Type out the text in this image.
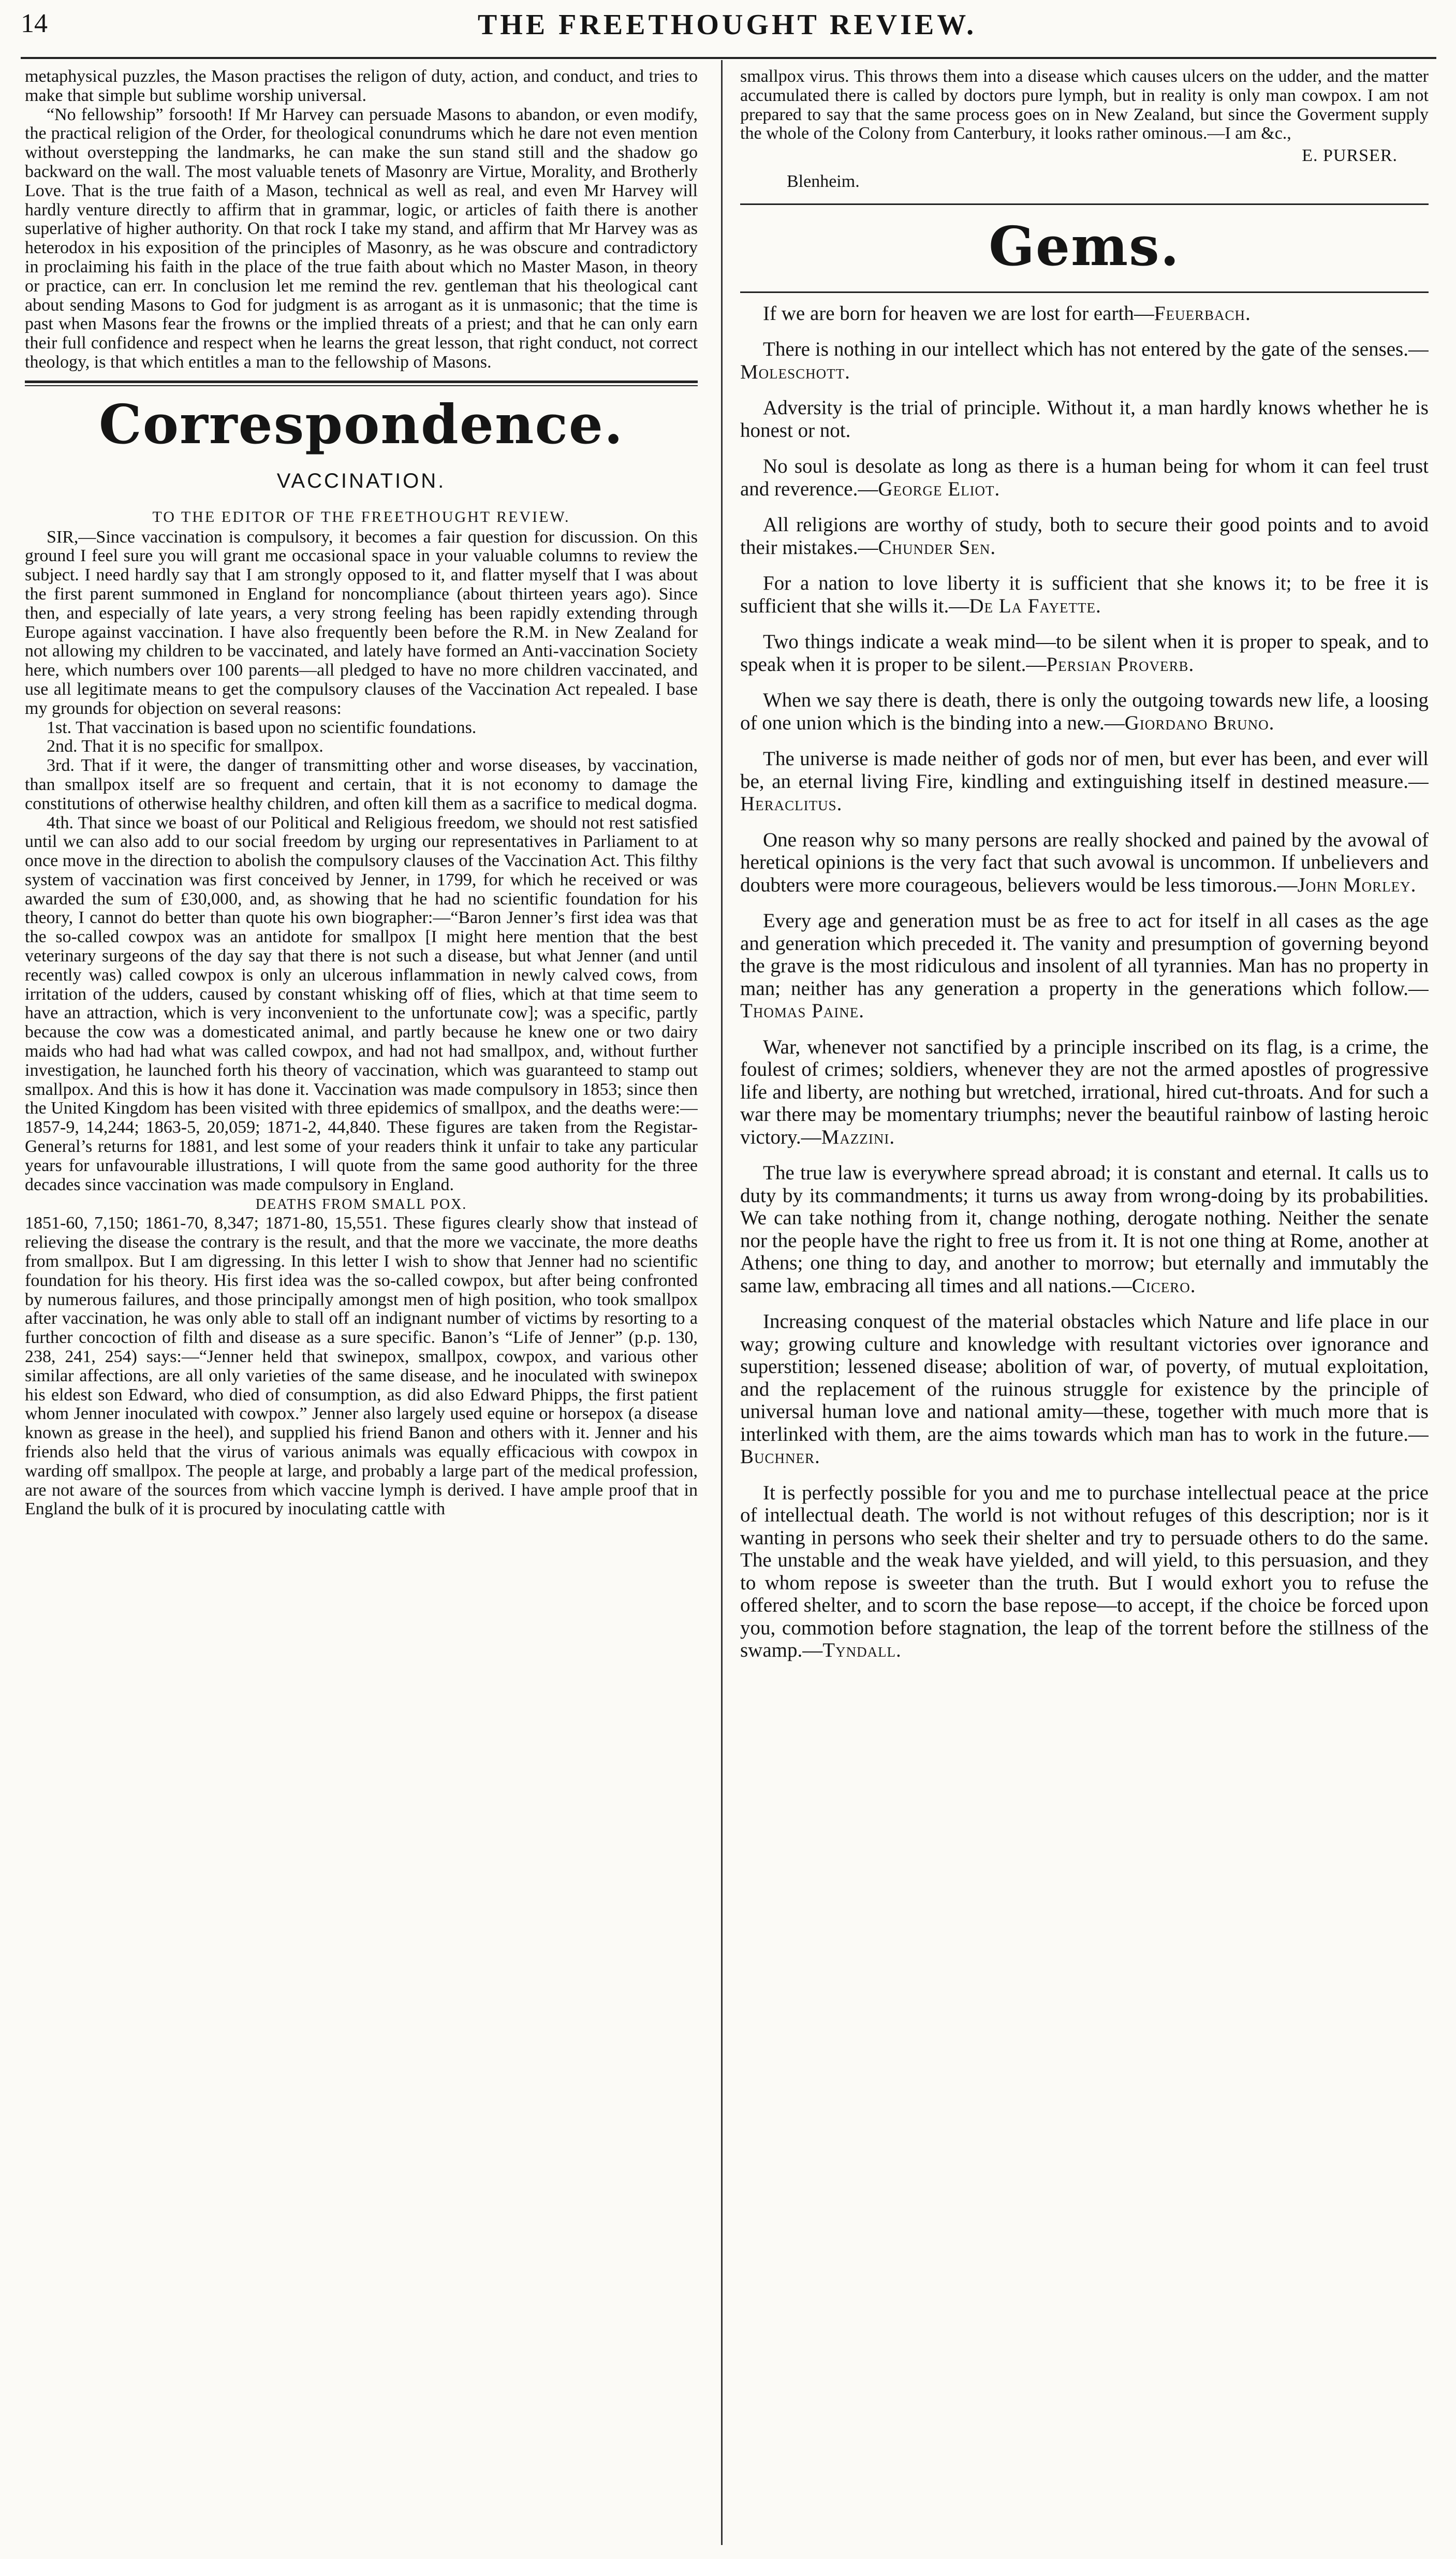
14	THE FREETHOUGHT REVIEW.

metaphysical puzzles, the Mason practises the religon of duty, action, and conduct, and tries to make that simple but sublime worship universal.

“No fellowship” forsooth! If Mr Harvey can persuade Masons to abandon, or even modify, the practical religion of the Order, for theological conundrums which he dare not even mention without overstepping the landmarks, he can make the sun stand still and the shadow go backward on the wall. The most valuable tenets of Masonry are Virtue, Morality, and Brotherly Love. That is the true faith of a Mason, technical as well as real, and even Mr Harvey will hardly venture directly to affirm that in grammar, logic, or articles of faith there is another superlative of higher authority. On that rock I take my stand, and affirm that Mr Harvey was as heterodox in his exposition of the principles of Masonry, as he was obscure and contradictory in proclaiming his faith in the place of the true faith about which no Master Mason, in theory or practice, can err. In conclusion let me remind the rev. gentleman that his theological cant about sending Masons to God for judgment is as arrogant as it is unmasonic; that the time is past when Masons fear the frowns or the implied threats of a priest; and that he can only earn their full confidence and respect when he learns the great lesson, that right conduct, not correct theology, is that which entitles a man to the fellowship of Masons.

Correspondence.
VACCINATION.
TO THE EDITOR OF THE FREETHOUGHT REVIEW.

SIR,—Since vaccination is compulsory, it becomes a fair question for discussion. On this ground I feel sure you will grant me occasional space in your valuable columns to review the subject. I need hardly say that I am strongly opposed to it, and flatter myself that I was about the first parent summoned in England for noncompliance (about thirteen years ago). Since then, and especially of late years, a very strong feeling has been rapidly extending through Europe against vaccination. I have also frequently been before the R.M. in New Zealand for not allowing my children to be vaccinated, and lately have formed an Anti-vaccination Society here, which numbers over 100 parents—all pledged to have no more children vaccinated, and use all legitimate means to get the compulsory clauses of the Vaccination Act repealed. I base my grounds for objection on several reasons:

1st. That vaccination is based upon no scientific foundations.

2nd. That it is no specific for smallpox.

3rd. That if it were, the danger of transmitting other and worse diseases, by vaccination, than smallpox itself are so frequent and certain, that it is not economy to damage the constitutions of otherwise healthy children, and often kill them as a sacrifice to medical dogma.

4th. That since we boast of our Political and Religious freedom, we should not rest satisfied until we can also add to our social freedom by urging our representatives in Parliament to at once move in the direction to abolish the compulsory clauses of the Vaccination Act. This filthy system of vaccination was first conceived by Jenner, in 1799, for which he received or was awarded the sum of £30,000, and, as showing that he had no scientific foundation for his theory, I cannot do better than quote his own biographer:—“Baron Jenner’s first idea was that the so-called cowpox was an antidote for smallpox [I might here mention that the best veterinary surgeons of the day say that there is not such a disease, but what Jenner (and until recently was) called cowpox is only an ulcerous inflammation in newly calved cows, from irritation of the udders, caused by constant whisking off of flies, which at that time seem to have an attraction, which is very inconvenient to the unfortunate cow]; was a specific, partly because the cow was a domesticated animal, and partly because he knew one or two dairy maids who had had what was called cowpox, and had not had smallpox, and, without further investigation, he launched forth his theory of vaccination, which was guaranteed to stamp out smallpox. And this is how it has done it. Vaccination was made compulsory in 1853; since then the United Kingdom has been visited with three epidemics of smallpox, and the deaths were:—1857-9, 14,244; 1863-5, 20,059; 1871-2, 44,840. These figures are taken from the Registar-General’s returns for 1881, and lest some of your readers think it unfair to take any particular years for unfavourable illustrations, I will quote from the same good authority for the three decades since vaccination was made compulsory in England.

DEATHS FROM SMALL POX.

1851-60, 7,150; 1861-70, 8,347; 1871-80, 15,551. These figures clearly show that instead of relieving the disease the contrary is the result, and that the more we vaccinate, the more deaths from smallpox. But I am digressing. In this letter I wish to show that Jenner had no scientific foundation for his theory. His first idea was the so-called cowpox, but after being confronted by numerous failures, and those principally amongst men of high position, who took smallpox after vaccination, he was only able to stall off an indignant number of victims by resorting to a further concoction of filth and disease as a sure specific. Banon’s “Life of Jenner” (p.p. 130, 238, 241, 254) says:—“Jenner held that swinepox, smallpox, cowpox, and various other similar affections, are all only varieties of the same disease, and he inoculated with swinepox his eldest son Edward, who died of consumption, as did also Edward Phipps, the first patient whom Jenner inoculated with cowpox.” Jenner also largely used equine or horsepox (a disease known as grease in the heel), and supplied his friend Banon and others with it. Jenner and his friends also held that the virus of various animals was equally efficacious with cowpox in warding off smallpox. The people at large, and probably a large part of the medical profession, are not aware of the sources from which vaccine lymph is derived. I have ample proof that in England the bulk of it is procured by inoculating cattle with

smallpox virus. This throws them into a disease which causes ulcers on the udder, and the matter accumulated there is called by doctors pure lymph, but in reality is only man cowpox. I am not prepared to say that the same process goes on in New Zealand, but since the Goverment supply the whole of the Colony from Canterbury, it looks rather ominous.—I am &c.,

E. PURSER.

Blenheim.

Gems.

If we are born for heaven we are lost for earth—Feuerbach.

There is nothing in our intellect which has not entered by the gate of the senses.—Moleschott.

Adversity is the trial of principle. Without it, a man hardly knows whether he is honest or not.

No soul is desolate as long as there is a human being for whom it can feel trust and reverence.—George Eliot.

All religions are worthy of study, both to secure their good points and to avoid their mistakes.—Chunder Sen.

For a nation to love liberty it is sufficient that she knows it; to be free it is sufficient that she wills it.—De La Fayette.

Two things indicate a weak mind—to be silent when it is proper to speak, and to speak when it is proper to be silent.—Persian Proverb.

When we say there is death, there is only the outgoing towards new life, a loosing of one union which is the binding into a new.—Giordano Bruno.

The universe is made neither of gods nor of men, but ever has been, and ever will be, an eternal living Fire, kindling and extinguishing itself in destined measure.—Heraclitus.

One reason why so many persons are really shocked and pained by the avowal of heretical opinions is the very fact that such avowal is uncommon. If unbelievers and doubters were more courageous, believers would be less timorous.—John Morley.

Every age and generation must be as free to act for itself in all cases as the age and generation which preceded it. The vanity and presumption of governing beyond the grave is the most ridiculous and insolent of all tyrannies. Man has no property in man; neither has any generation a property in the generations which follow.—Thomas Paine.

War, whenever not sanctified by a principle inscribed on its flag, is a crime, the foulest of crimes; soldiers, whenever they are not the armed apostles of progressive life and liberty, are nothing but wretched, irrational, hired cut-throats. And for such a war there may be momentary triumphs; never the beautiful rainbow of lasting heroic victory.—Mazzini.

The true law is everywhere spread abroad; it is constant and eternal. It calls us to duty by its commandments; it turns us away from wrong-doing by its probabilities. We can take nothing from it, change nothing, derogate nothing. Neither the senate nor the people have the right to free us from it. It is not one thing at Rome, another at Athens; one thing to day, and another to morrow; but eternally and immutably the same law, embracing all times and all nations.—Cicero.

Increasing conquest of the material obstacles which Nature and life place in our way; growing culture and knowledge with resultant victories over ignorance and superstition; lessened disease; abolition of war, of poverty, of mutual exploitation, and the replacement of the ruinous struggle for existence by the principle of universal human love and national amity—these, together with much more that is interlinked with them, are the aims towards which man has to work in the future.—Buchner.

It is perfectly possible for you and me to purchase intellectual peace at the price of intellectual death. The world is not without refuges of this description; nor is it wanting in persons who seek their shelter and try to persuade others to do the same. The unstable and the weak have yielded, and will yield, to this persuasion, and they to whom repose is sweeter than the truth. But I would exhort you to refuse the offered shelter, and to scorn the base repose—to accept, if the choice be forced upon you, commotion before stagnation, the leap of the torrent before the stillness of the swamp.—Tyndall.
